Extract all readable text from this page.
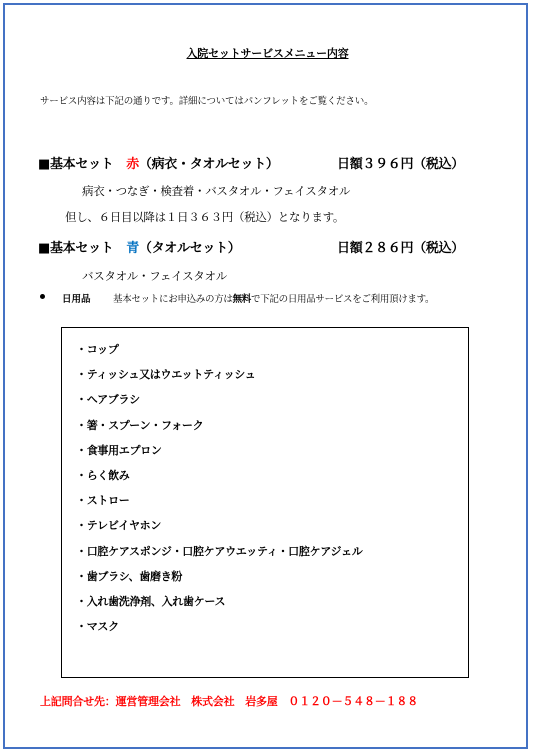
入院セットサービスメニュー内容
サービス内容は下記の通りです。詳細についてはパンフレットをご覧ください。
■基本セット　赤（病衣・タオルセット）	日額３９６円（税込）
病衣・つなぎ・検査着・バスタオル・フェイスタオル
但し、６日目以降は１日３６３円（税込）となります。
■基本セット　青（タオルセット）	日額２８６円（税込）
バスタオル・フェイスタオル
日用品 基本セットにお申込みの方は無料で下記の日用品サービスをご利用頂けます。
・コップ
・ティッシュ又はウエットティッシュ
・ヘアブラシ
・箸・スプーン・フォーク
・食事用エプロン
・らく飲み
・ストロー
・テレビイヤホン
・口腔ケアスポンジ・口腔ケアウエッティ・口腔ケアジェル
・歯ブラシ、歯磨き粉
・入れ歯洗浄剤、入れ歯ケース
・マスク
上記問合せ先：運営管理会社　株式会社　岩多屋　０１２０－５４８－１８８
